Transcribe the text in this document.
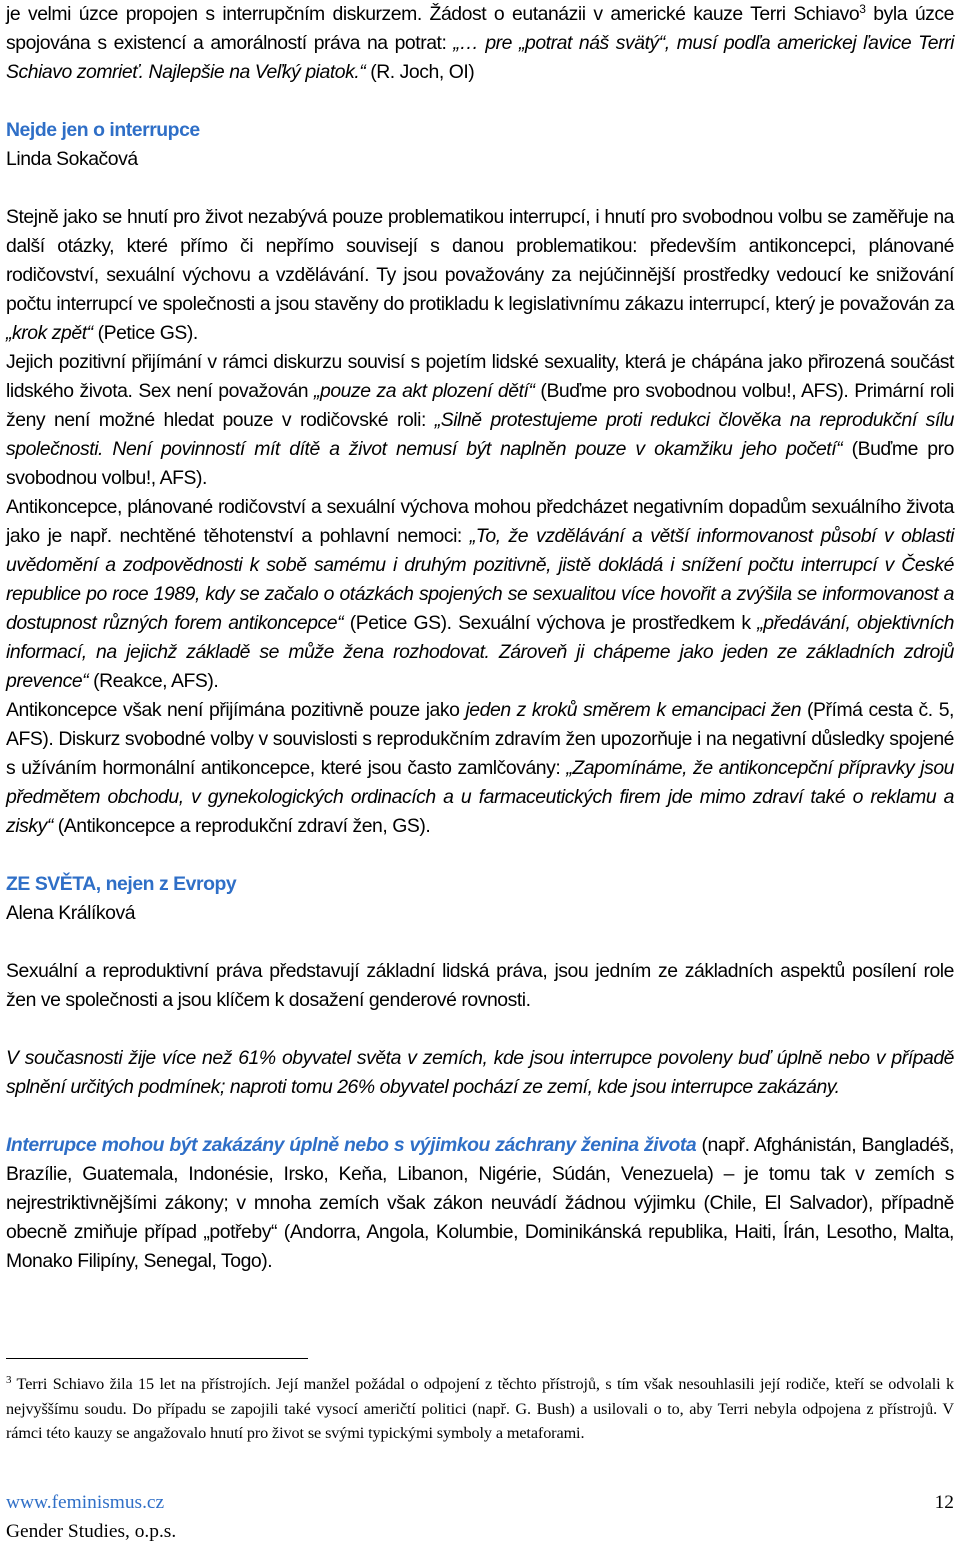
je velmi úzce propojen s interrupčním diskurzem. Žádost o eutanázii v americké kauze Terri Schiavo$^3$ byla úzce spojována s existencí a amorálností práva na potrat: „… pre „potrat náš svätý“, musí podľa americkej ľavice Terri Schiavo zomrieť. Najlepšie na Veľký piatok.“ (R. Joch, OI)

Nejde jen o interrupce
Linda Sokačová

Stejně jako se hnutí pro život nezabývá pouze problematikou interrupcí, i hnutí pro svobodnou volbu se zaměřuje na další otázky, které přímo či nepřímo souvisejí s danou problematikou: především antikoncepci, plánované rodičovství, sexuální výchovu a vzdělávání. Ty jsou považovány za nejúčinnější prostředky vedoucí ke snižování počtu interrupcí ve společnosti a jsou stavěny do protikladu k legislativnímu zákazu interrupcí, který je považován za „krok zpět“ (Petice GS).

Jejich pozitivní přijímání v rámci diskurzu souvisí s pojetím lidské sexuality, která je chápána jako přirozená součást lidského života. Sex není považován „pouze za akt plození dětí“ (Buďme pro svobodnou volbu!, AFS). Primární roli ženy není možné hledat pouze v rodičovské roli: „Silně protestujeme proti redukci člověka na reprodukční sílu společnosti. Není povinností mít dítě a život nemusí být naplněn pouze v okamžiku jeho početí“ (Buďme pro svobodnou volbu!, AFS).

Antikoncepce, plánované rodičovství a sexuální výchova mohou předcházet negativním dopadům sexuálního života jako je např. nechtěné těhotenství a pohlavní nemoci: „To, že vzdělávání a větší informovanost působí v oblasti uvědomění a zodpovědnosti k sobě samému i druhým pozitivně, jistě dokládá i snížení počtu interrupcí v České republice po roce 1989, kdy se začalo o otázkách spojených se sexualitou více hovořit a zvýšila se informovanost a dostupnost různých forem antikoncepce“ (Petice GS). Sexuální výchova je prostředkem k „předávání, objektivních informací, na jejichž základě se může žena rozhodovat. Zároveň ji chápeme jako jeden ze základních zdrojů prevence“ (Reakce, AFS).

Antikoncepce však není přijímána pozitivně pouze jako jeden z kroků směrem k emancipaci žen (Přímá cesta č. 5, AFS). Diskurz svobodné volby v souvislosti s reprodukčním zdravím žen upozorňuje i na negativní důsledky spojené s užíváním hormonální antikoncepce, které jsou často zamlčovány: „Zapomínáme, že antikoncepční přípravky jsou předmětem obchodu, v gynekologických ordinacích a u farmaceutických firem jde mimo zdraví také o reklamu a zisky“ (Antikoncepce a reprodukční zdraví žen, GS).

ZE SVĚTA, nejen z Evropy
Alena Králíková

Sexuální a reproduktivní práva představují základní lidská práva, jsou jedním ze základních aspektů posílení role žen ve společnosti a jsou klíčem k dosažení genderové rovnosti.

V současnosti žije více než 61% obyvatel světa v zemích, kde jsou interrupce povoleny buď úplně nebo v případě splnění určitých podmínek; naproti tomu 26% obyvatel pochází ze zemí, kde jsou interrupce zakázány.

Interrupce mohou být zakázány úplně nebo s výjimkou záchrany ženina života (např. Afghánistán, Bangladéš, Brazílie, Guatemala, Indonésie, Irsko, Keňa, Libanon, Nigérie, Súdán, Venezuela) – je tomu tak v zemích s nejrestriktivnějšími zákony; v mnoha zemích však zákon neuvádí žádnou výjimku (Chile, El Salvador), případně obecně zmiňuje případ „potřeby“ (Andorra, Angola, Kolumbie, Dominikánská republika, Haiti, Írán, Lesotho, Malta, Monako Filipíny, Senegal, Togo).

$^3$ Terri Schiavo žila 15 let na přístrojích. Její manžel požádal o odpojení z těchto přístrojů, s tím však nesouhlasili její rodiče, kteří se odvolali k nejvyššímu soudu. Do případu se zapojili také vysocí američtí politici (např. G. Bush) a usilovali o to, aby Terri nebyla odpojena z přístrojů. V rámci této kauzy se angažovalo hnutí pro život se svými typickými symboly a metaforami.
www.feminismus.cz
Gender Studies, o.p.s.
12
